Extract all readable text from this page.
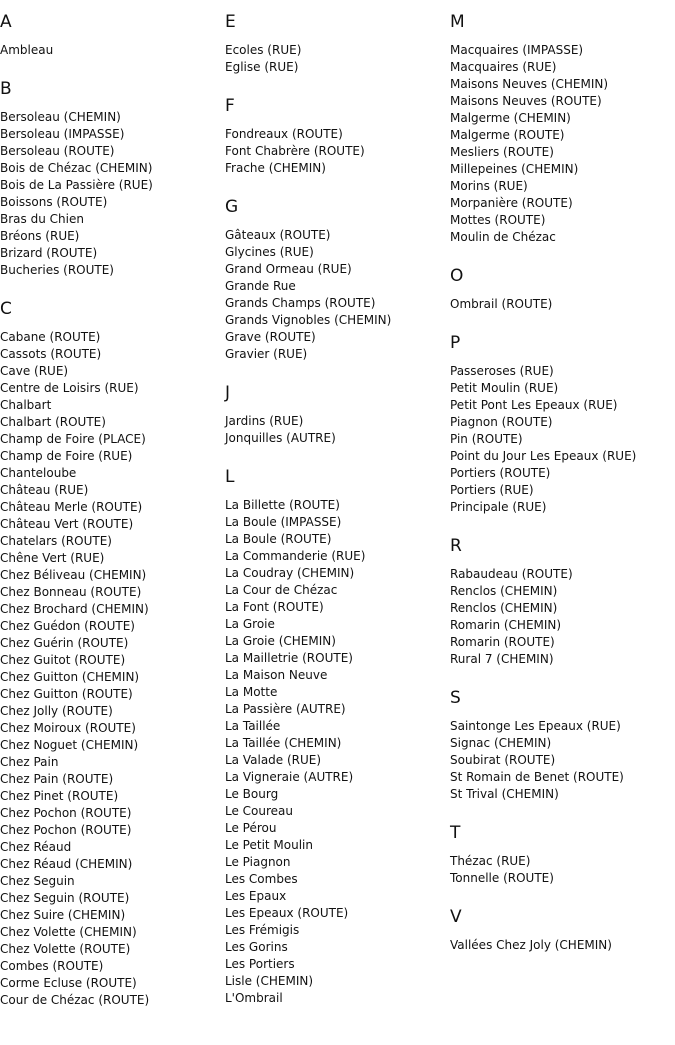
A
Ambleau
B
Bersoleau (CHEMIN)
Bersoleau (IMPASSE)
Bersoleau (ROUTE)
Bois de Chézac (CHEMIN)
Bois de La Passière (RUE)
Boissons (ROUTE)
Bras du Chien
Bréons (RUE)
Brizard (ROUTE)
Bucheries (ROUTE)
C
Cabane (ROUTE)
Cassots (ROUTE)
Cave (RUE)
Centre de Loisirs (RUE)
Chalbart
Chalbart (ROUTE)
Champ de Foire (PLACE)
Champ de Foire (RUE)
Chanteloube
Château (RUE)
Château Merle (ROUTE)
Château Vert (ROUTE)
Chatelars (ROUTE)
Chêne Vert (RUE)
Chez Béliveau (CHEMIN)
Chez Bonneau (ROUTE)
Chez Brochard (CHEMIN)
Chez Guédon (ROUTE)
Chez Guérin (ROUTE)
Chez Guitot (ROUTE)
Chez Guitton (CHEMIN)
Chez Guitton (ROUTE)
Chez Jolly (ROUTE)
Chez Moiroux (ROUTE)
Chez Noguet (CHEMIN)
Chez Pain
Chez Pain (ROUTE)
Chez Pinet (ROUTE)
Chez Pochon (ROUTE)
Chez Pochon (ROUTE)
Chez Réaud
Chez Réaud (CHEMIN)
Chez Seguin
Chez Seguin (ROUTE)
Chez Suire (CHEMIN)
Chez Volette (CHEMIN)
Chez Volette (ROUTE)
Combes (ROUTE)
Corme Ecluse (ROUTE)
Cour de Chézac (ROUTE)
E
Ecoles (RUE)
Eglise (RUE)
F
Fondreaux (ROUTE)
Font Chabrère (ROUTE)
Frache (CHEMIN)
G
Gâteaux (ROUTE)
Glycines (RUE)
Grand Ormeau (RUE)
Grande Rue
Grands Champs (ROUTE)
Grands Vignobles (CHEMIN)
Grave (ROUTE)
Gravier (RUE)
J
Jardins (RUE)
Jonquilles (AUTRE)
L
La Billette (ROUTE)
La Boule (IMPASSE)
La Boule (ROUTE)
La Commanderie (RUE)
La Coudray (CHEMIN)
La Cour de Chézac
La Font (ROUTE)
La Groie
La Groie (CHEMIN)
La Mailletrie (ROUTE)
La Maison Neuve
La Motte
La Passière (AUTRE)
La Taillée
La Taillée (CHEMIN)
La Valade (RUE)
La Vigneraie (AUTRE)
Le Bourg
Le Coureau
Le Pérou
Le Petit Moulin
Le Piagnon
Les Combes
Les Epaux
Les Epeaux (ROUTE)
Les Frémigis
Les Gorins
Les Portiers
Lisle (CHEMIN)
L'Ombrail
M
Macquaires (IMPASSE)
Macquaires (RUE)
Maisons Neuves (CHEMIN)
Maisons Neuves (ROUTE)
Malgerme (CHEMIN)
Malgerme (ROUTE)
Mesliers (ROUTE)
Millepeines (CHEMIN)
Morins (RUE)
Morpanière (ROUTE)
Mottes (ROUTE)
Moulin de Chézac
O
Ombrail (ROUTE)
P
Passeroses (RUE)
Petit Moulin (RUE)
Petit Pont Les Epeaux (RUE)
Piagnon (ROUTE)
Pin (ROUTE)
Point du Jour Les Epeaux (RUE)
Portiers (ROUTE)
Portiers (RUE)
Principale (RUE)
R
Rabaudeau (ROUTE)
Renclos (CHEMIN)
Renclos (CHEMIN)
Romarin (CHEMIN)
Romarin (ROUTE)
Rural 7 (CHEMIN)
S
Saintonge Les Epeaux (RUE)
Signac (CHEMIN)
Soubirat (ROUTE)
St Romain de Benet (ROUTE)
St Trival (CHEMIN)
T
Thézac (RUE)
Tonnelle (ROUTE)
V
Vallées Chez Joly (CHEMIN)
